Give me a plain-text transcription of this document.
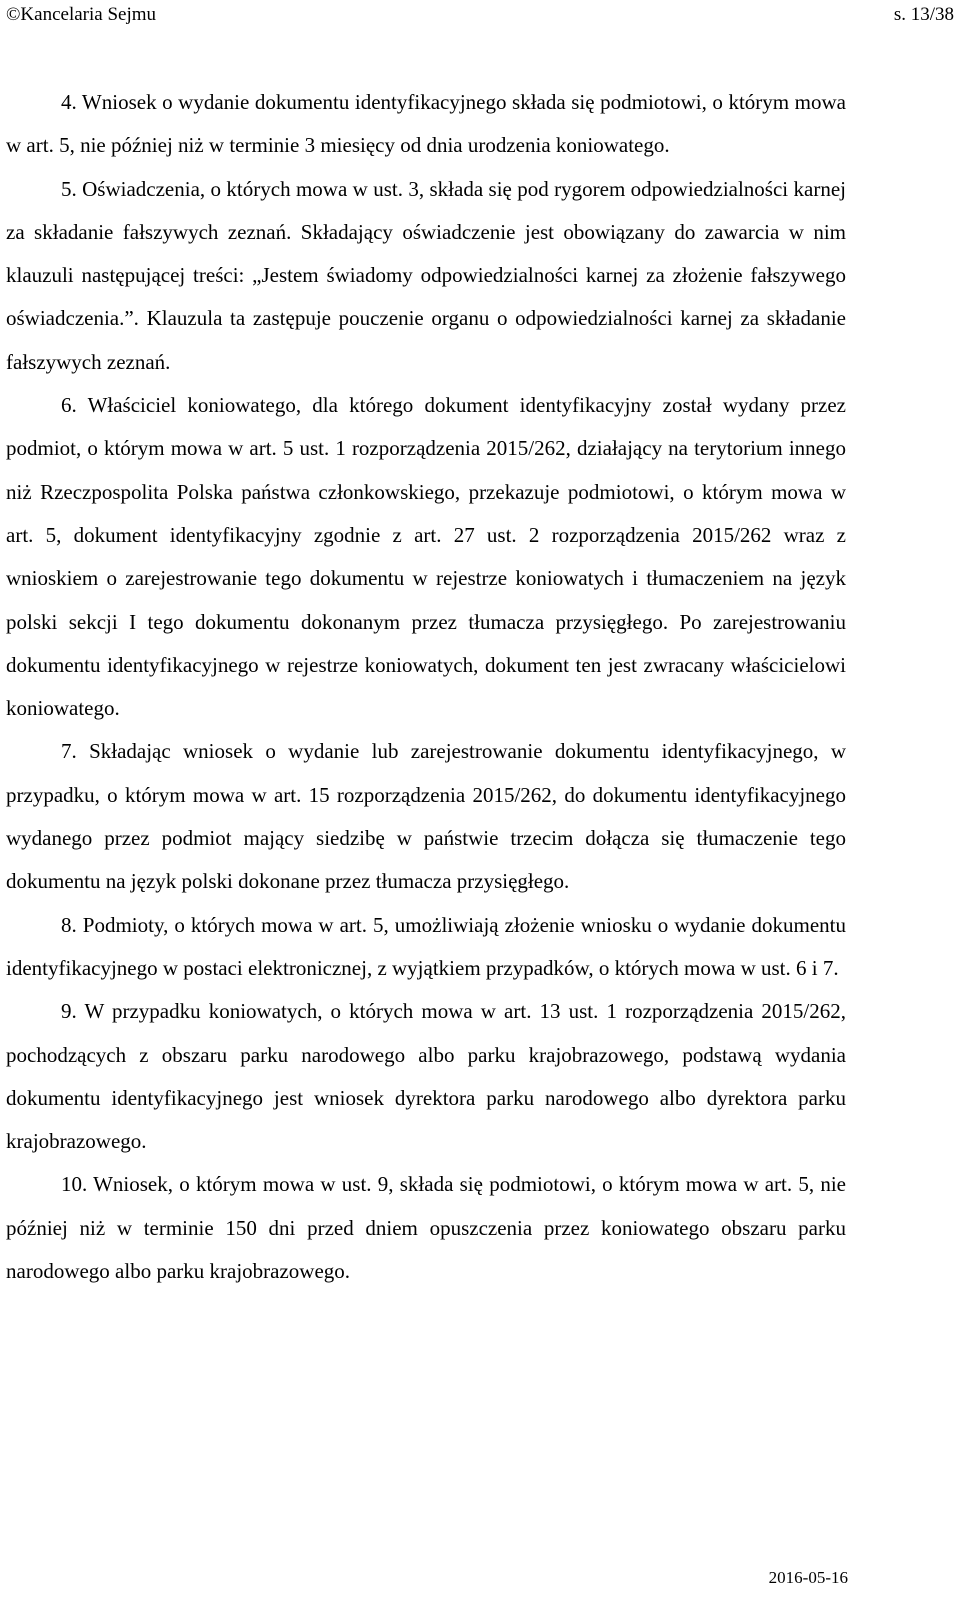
©Kancelaria Sejmu	s. 13/38

4. Wniosek o wydanie dokumentu identyfikacyjnego składa się podmiotowi, o którym mowa w art. 5, nie później niż w terminie 3 miesięcy od dnia urodzenia koniowatego.

5. Oświadczenia, o których mowa w ust. 3, składa się pod rygorem odpowiedzialności karnej za składanie fałszywych zeznań. Składający oświadczenie jest obowiązany do zawarcia w nim klauzuli następującej treści: „Jestem świadomy odpowiedzialności karnej za złożenie fałszywego oświadczenia.”. Klauzula ta zastępuje pouczenie organu o odpowiedzialności karnej za składanie fałszywych zeznań.

6. Właściciel koniowatego, dla którego dokument identyfikacyjny został wydany przez podmiot, o którym mowa w art. 5 ust. 1 rozporządzenia 2015/262, działający na terytorium innego niż Rzeczpospolita Polska państwa członkowskiego, przekazuje podmiotowi, o którym mowa w art. 5, dokument identyfikacyjny zgodnie z art. 27 ust. 2 rozporządzenia 2015/262 wraz z wnioskiem o zarejestrowanie tego dokumentu w rejestrze koniowatych i tłumaczeniem na język polski sekcji I tego dokumentu dokonanym przez tłumacza przysięgłego. Po zarejestrowaniu dokumentu identyfikacyjnego w rejestrze koniowatych, dokument ten jest zwracany właścicielowi koniowatego.

7. Składając wniosek o wydanie lub zarejestrowanie dokumentu identyfikacyjnego, w przypadku, o którym mowa w art. 15 rozporządzenia 2015/262, do dokumentu identyfikacyjnego wydanego przez podmiot mający siedzibę w państwie trzecim dołącza się tłumaczenie tego dokumentu na język polski dokonane przez tłumacza przysięgłego.

8. Podmioty, o których mowa w art. 5, umożliwiają złożenie wniosku o wydanie dokumentu identyfikacyjnego w postaci elektronicznej, z wyjątkiem przypadków, o których mowa w ust. 6 i 7.

9. W przypadku koniowatych, o których mowa w art. 13 ust. 1 rozporządzenia 2015/262, pochodzących z obszaru parku narodowego albo parku krajobrazowego, podstawą wydania dokumentu identyfikacyjnego jest wniosek dyrektora parku narodowego albo dyrektora parku krajobrazowego.

10. Wniosek, o którym mowa w ust. 9, składa się podmiotowi, o którym mowa w art. 5, nie później niż w terminie 150 dni przed dniem opuszczenia przez koniowatego obszaru parku narodowego albo parku krajobrazowego.

2016-05-16
